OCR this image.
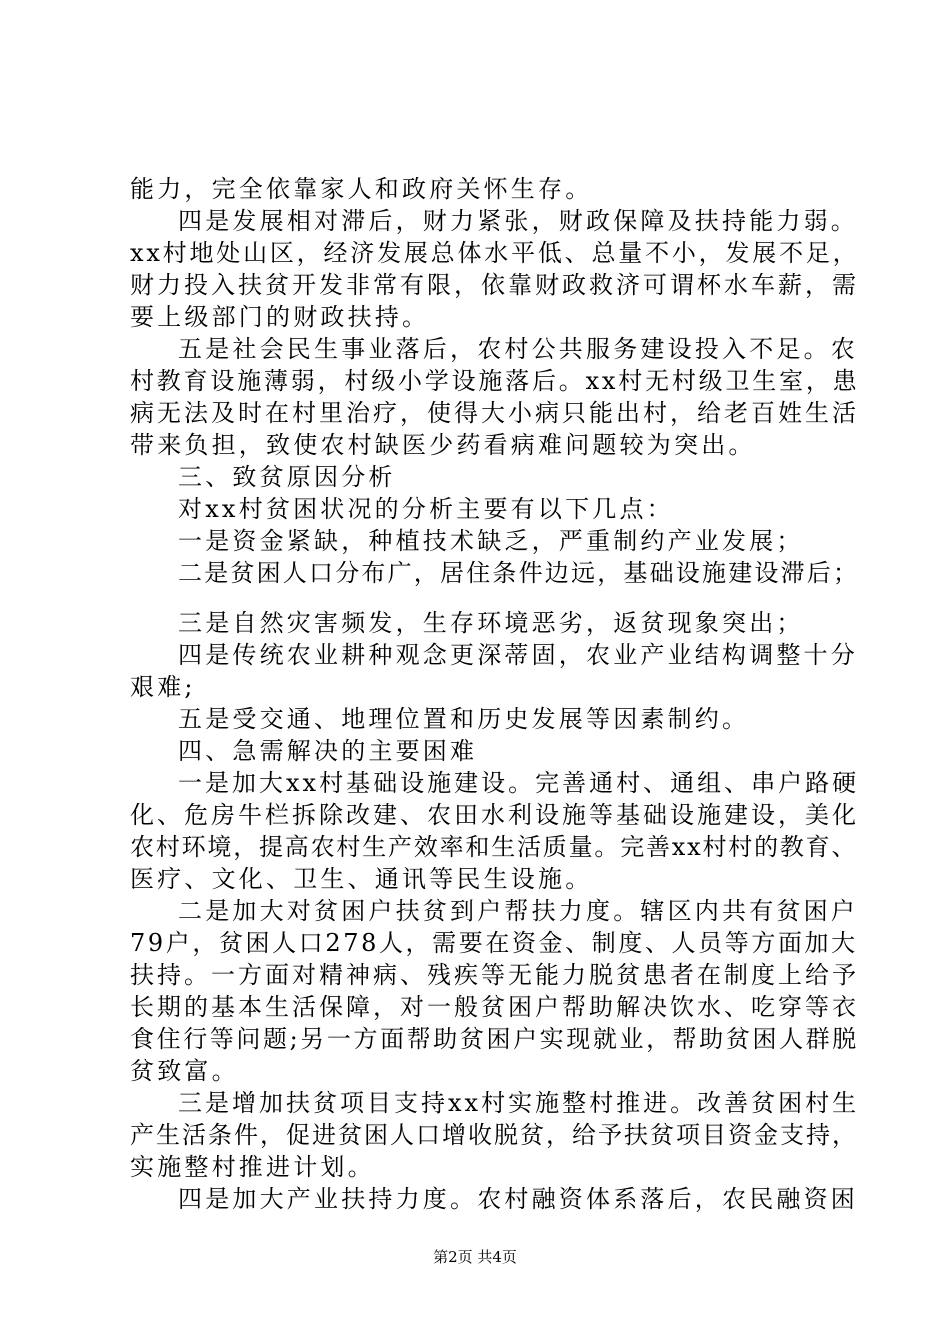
能力，完全依靠家人和政府关怀生存。
四是发展相对滞后，财力紧张，财政保障及扶持能力弱。
xx村地处山区，经济发展总体水平低、总量不小，发展不足，
财力投入扶贫开发非常有限，依靠财政救济可谓杯水车薪，需
要上级部门的财政扶持。
五是社会民生事业落后，农村公共服务建设投入不足。农
村教育设施薄弱，村级小学设施落后。xx村无村级卫生室，患
病无法及时在村里治疗，使得大小病只能出村，给老百姓生活
带来负担，致使农村缺医少药看病难问题较为突出。
三、致贫原因分析
对xx村贫困状况的分析主要有以下几点：
一是资金紧缺，种植技术缺乏，严重制约产业发展；
二是贫困人口分布广，居住条件边远，基础设施建设滞后；
三是自然灾害频发，生存环境恶劣，返贫现象突出；
四是传统农业耕种观念更深蒂固，农业产业结构调整十分
艰难;
五是受交通、地理位置和历史发展等因素制约。
四、急需解决的主要困难
一是加大xx村基础设施建设。完善通村、通组、串户路硬
化、危房牛栏拆除改建、农田水利设施等基础设施建设，美化
农村环境，提高农村生产效率和生活质量。完善xx村村的教育、
医疗、文化、卫生、通讯等民生设施。
二是加大对贫困户扶贫到户帮扶力度。辖区内共有贫困户
79户，贫困人口278人，需要在资金、制度、人员等方面加大
扶持。一方面对精神病、残疾等无能力脱贫患者在制度上给予
长期的基本生活保障，对一般贫困户帮助解决饮水、吃穿等衣
食住行等问题;另一方面帮助贫困户实现就业，帮助贫困人群脱
贫致富。
三是增加扶贫项目支持xx村实施整村推进。改善贫困村生
产生活条件，促进贫困人口增收脱贫，给予扶贫项目资金支持，
实施整村推进计划。
四是加大产业扶持力度。农村融资体系落后，农民融资困
第2页 共4页
